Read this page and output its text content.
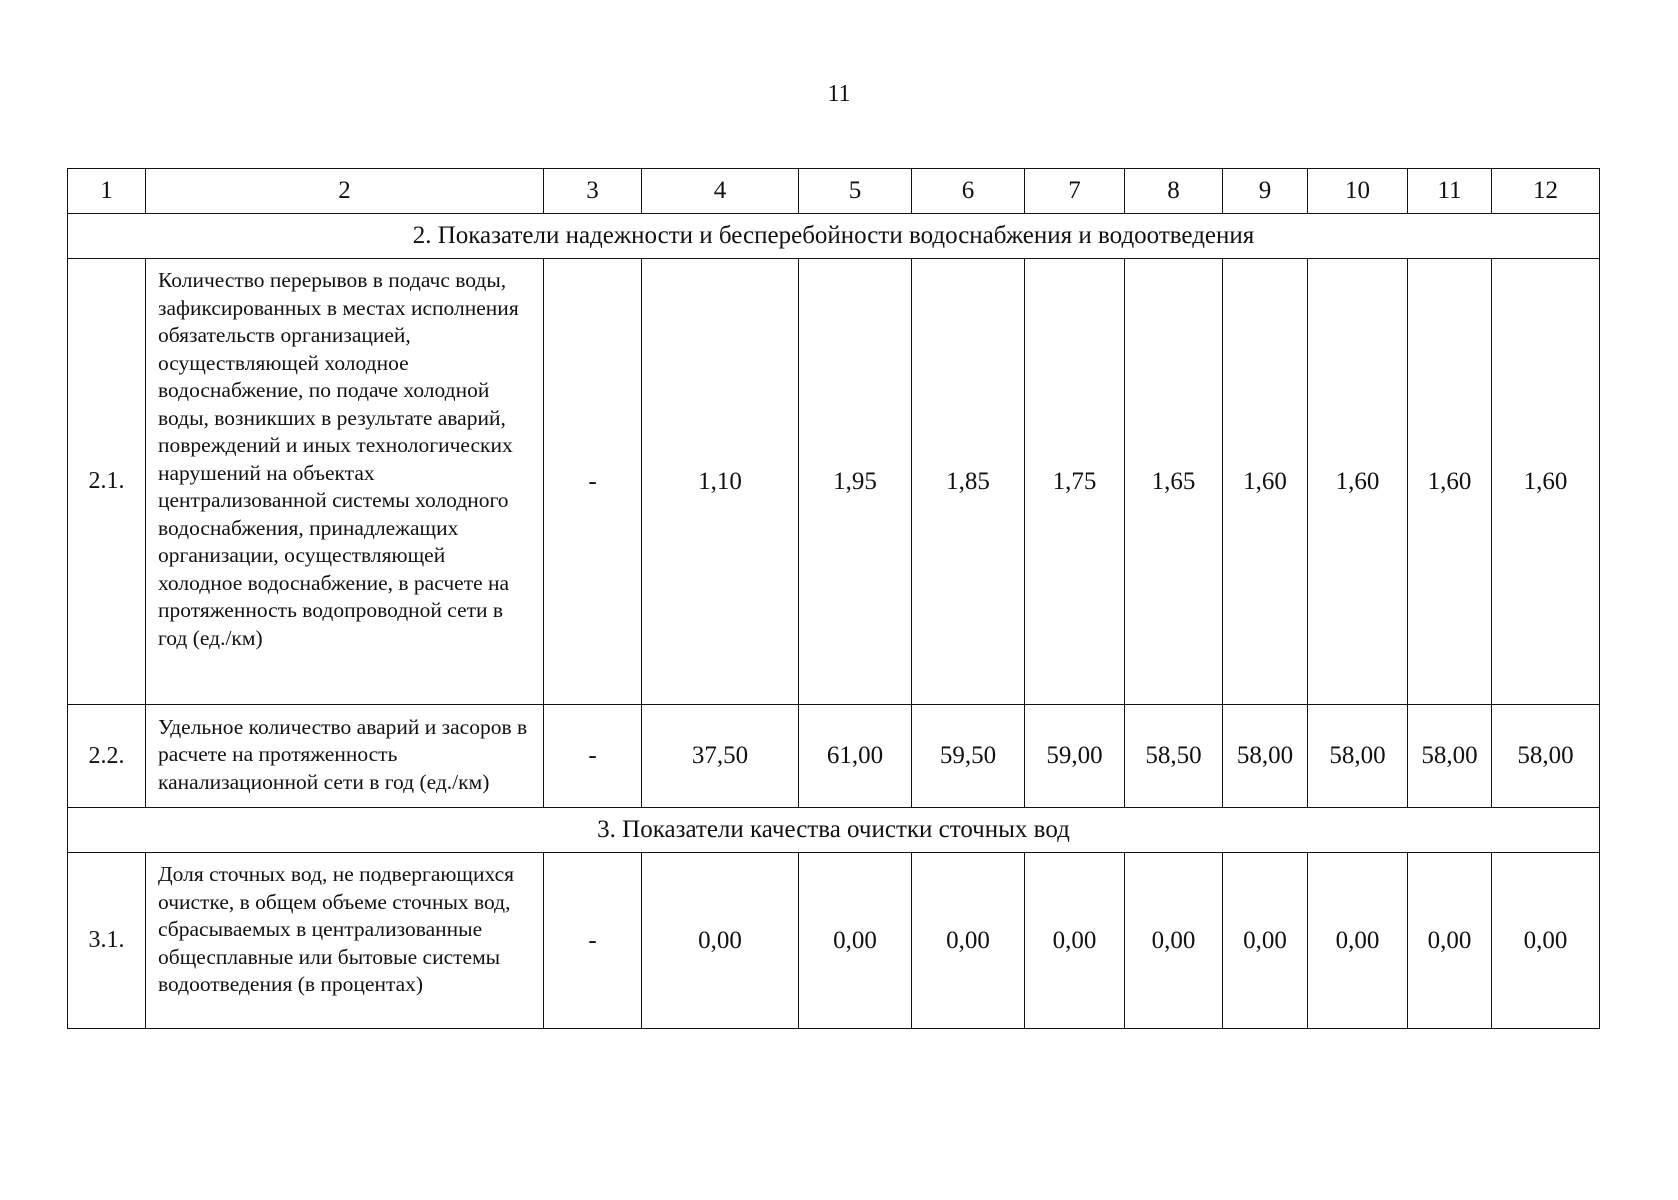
11
1	2	3	4	5	6	7	8	9	10	11	12
2. Показатели надежности и бесперебойности водоснабжения и водоотведения											
2.1.	Количество перерывов в подачс воды, зафиксированных в местах исполнения обязательств организацией, осуществляющей холодное водоснабжение, по подаче холодной воды, возникших в результате аварий, повреждений и иных технологических нарушений на объектах централизованной системы холодного водоснабжения, принадлежащих организации, осуществляющей холодное водоснабжение, в расчете на протяженность водопроводной сети в год (ед./км)	-	1,10	1,95	1,85	1,75	1,65	1,60	1,60	1,60	1,60
2.2.	Удельное количество аварий и засоров в расчете на протяженность канализационной сети в год (ед./км)	-	37,50	61,00	59,50	59,00	58,50	58,00	58,00	58,00	58,00
3. Показатели качества очистки сточных вод											
3.1.	Доля сточных вод, не подвергающихся очистке, в общем объеме сточных вод, сбрасываемых в централизованные общесплавные или бытовые системы водоотведения (в процентах)	-	0,00	0,00	0,00	0,00	0,00	0,00	0,00	0,00	0,00
